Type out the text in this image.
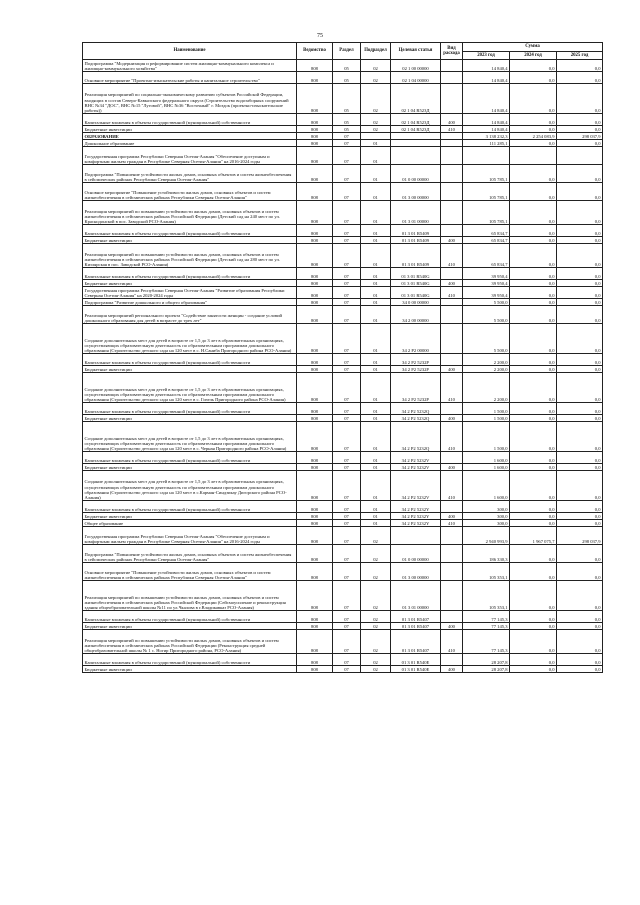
75
Наименование	Ведомство	Раздел	Подраздел	Целевая статья	Вид расхода	Сумма		
						2023 год	2024 год	2025 год
Подпрограмма "Модернизация и реформирование систем жилищно-коммунального комплекса и жилищно-коммунального хозяйства"	808	05	02	02 1 00 00000		14 840,4	0,0	0,0
Основное мероприятие "Проектно-изыскательские работы и капитальное строительство"	808	05	02	02 1 04 00000		14 840,4	0,0	0,0
Реализация мероприятий по социально-экономическому развитию субъектов Российской Федерации, входящих в состав Северо-Кавказского федерального округа (Строительство водозаборных сооружений ВНС №34 "ДОС", ВНС №15 "Луговой", ВНС №36 "Восточный" г. Моздок (проектно-изыскательские работы))	808	05	02	02 1 04 R523Д		14 840,4	0,0	0,0
Капитальные вложения в объекты государственной (муниципальной) собственности	808	05	02	02 1 04 R523Д	400	14 840,4	0,0	0,0
Бюджетные инвестиции	808	05	02	02 1 04 R523Д	410	14 840,4	0,0	0,0
ОБРАЗОВАНИЕ	808	07				3 138 232,3	2 254 083,9	298 037,9
Дошкольное образование	808	07	01			111 285,1	0,0	0,0
Государственная программа Республики Северная Осетия-Алания "Обеспечение доступным и комфортным жильем граждан в Республике Северная Осетия-Алания" на 2016-2024 годы	808	07	01					
Подпрограмма "Повышение устойчивости жилых домов, основных объектов и систем жизнеобеспечения в сейсмических районах Республики Северная Осетия-Алания"	808	07	01	01 0 00 00000		105 785,1	0,0	0,0
Основное мероприятие "Повышение устойчивости жилых домов, основных объектов и систем жизнеобеспечения в сейсмических районах Республики Северная Осетия-Алания"	808	07	01	01 3 00 00000		105 785,1	0,0	0,0
Реализация мероприятий по повышению устойчивости жилых домов, основных объектов и систем жизнеобеспечения в сейсмических районах Российской Федерации (Детский сад на 240 мест по ул. Краснодонской в пос. Заводской РСО-Алания)	808	07	01	01 3 01 00000		105 785,1	0,0	0,0
Капитальные вложения в объекты государственной (муниципальной) собственности	808	07	01	01 3 01 R5409		65 834,7	0,0	0,0
Бюджетные инвестиции	808	07	01	01 3 01 R5409	400	65 834,7	0,0	0,0
Реализация мероприятий по повышению устойчивости жилых домов, основных объектов и систем жизнеобеспечения в сейсмических районах Российской Федерации (Детский сад на 280 мест по ул. Кизлярская в пос. Заводской РСО-Алания)	808	07	01	01 3 01 R5409	410	65 834,7	0,0	0,0
Капитальные вложения в объекты государственной (муниципальной) собственности	808	07	01	01 3 01 R540G		39 950,4	0,0	0,0
Бюджетные инвестиции	808	07	01	01 3 01 R540G	400	39 950,4	0,0	0,0
Государственная программа Республики Северная Осетия-Алания "Развитие образования Республики Северная Осетия-Алания" на 2020-2024 годы	808	07	01	01 3 01 R540G	410	39 950,4	0,0	0,0
Подпрограмма "Развитие дошкольного и общего образования"	808	07	01	34 0 00 00000		5 500,0	0,0	0,0
Реализация мероприятий регионального проекта "Содействие занятости женщин - создание условий дошкольного образования для детей в возрасте до трех лет"	808	07	01	34 2 00 00000		5 500,0	0,0	0,0
Создание дополнительных мест для детей в возрасте от 1,5 до 3 лет в образовательных организациях, осуществляющих образовательную деятельность по образовательным программам дошкольного образования (Строительство детского сада на 120 мест в с. Н.Саниба Пригородного района РСО-Алания)	808	07	01	34 2 P2 00000		5 500,0	0,0	0,0
Капитальные вложения в объекты государственной (муниципальной) собственности	808	07	01	34 2 P2 5232P		2 200,0	0,0	0,0
Бюджетные инвестиции	808	07	01	34 2 P2 5232P	400	2 200,0	0,0	0,0
Создание дополнительных мест для детей в возрасте от 1,5 до 3 лет в образовательных организациях, осуществляющих образовательную деятельность по образовательным программам дошкольного образования (Строительство детского сада на 120 мест в с. Гизель Пригородного района РСО-Алания)	808	07	01	34 2 P2 5232P	410	2 200,0	0,0	0,0
Капитальные вложения в объекты государственной (муниципальной) собственности	808	07	01	34 2 P2 5232Q		1 500,0	0,0	0,0
Бюджетные инвестиции	808	07	01	34 2 P2 5232Q	400	1 500,0	0,0	0,0
Создание дополнительных мест для детей в возрасте от 1,5 до 3 лет в образовательных организациях, осуществляющих образовательную деятельность по образовательным программам дошкольного образования (Строительство детского сада на 120 мест в с. Черная Пригородного района РСО-Алания)	808	07	01	34 2 P2 5232Q	410	1 500,0	0,0	0,0
Капитальные вложения в объекты государственной (муниципальной) собственности	808	07	01	34 2 P2 5232V		1 600,0	0,0	0,0
Бюджетные инвестиции	808	07	01	34 2 P2 5232V	400	1 600,0	0,0	0,0
Создание дополнительных мест для детей в возрасте от 1,5 до 3 лет в образовательных организациях, осуществляющих образовательную деятельность по образовательным программам дошкольного образования (Строительство детского сада на 120 мест в с.Карман-Синдзикау Дигорского района РСО-Алания)	808	07	01	34 2 P2 5232V	410	1 600,0	0,0	0,0
Капитальные вложения в объекты государственной (муниципальной) собственности	808	07	01	34 2 P2 5232Y		300,0	0,0	0,0
Бюджетные инвестиции	808	07	01	34 2 P2 5232Y	400	300,0	0,0	0,0
Общее образование	808	07	01	34 2 P2 5232Y	410	300,0	0,0	0,0
Государственная программа Республики Северная Осетия-Алания "Обеспечение доступным и комфортным жильем граждан в Республике Северная Осетия-Алания" на 2016-2024 годы	808	07	02			2 940 993,9	1 967 075,7	298 037,9
Подпрограмма "Повышение устойчивости жилых домов, основных объектов и систем жизнеобеспечения в сейсмических районах Республики Северная Осетия-Алания"	808	07	02	01 0 00 00000		186 330,3	0,0	0,0
Основное мероприятие "Повышение устойчивости жилых домов, основных объектов и систем жизнеобеспечения в сейсмических районах Республики Северная Осетия-Алания"	808	07	02	01 3 00 00000		105 353,1	0,0	0,0
Реализация мероприятий по повышению устойчивости жилых домов, основных объектов и систем жизнеобеспечения в сейсмических районах Российской Федерации (Сейсмоусиление и реконструкция здания общеобразовательной школы №11 по ул.Чкалова в г.Владикавказ РСО-Алания)	808	07	02	01 3 01 00000		105 353,1	0,0	0,0
Капитальные вложения в объекты государственной (муниципальной) собственности	808	07	02	01 3 01 R5407		77 145,3	0,0	0,0
Бюджетные инвестиции	808	07	02	01 3 01 R5407	400	77 145,3	0,0	0,0
Реализация мероприятий по повышению устойчивости жилых домов, основных объектов и систем жизнеобеспечения в сейсмических районах Российской Федерации (Реконструкция средней общеобразовательной школы № 1 с. Ногир Пригородного района, РСО-Алания)	808	07	02	01 3 01 R5407	410	77 145,3	0,0	0,0
Капитальные вложения в объекты государственной (муниципальной) собственности	808	07	02	01 3 01 R540E		28 207,8	0,0	0,0
Бюджетные инвестиции	808	07	02	01 3 01 R540E	400	28 207,8	0,0	0,0
